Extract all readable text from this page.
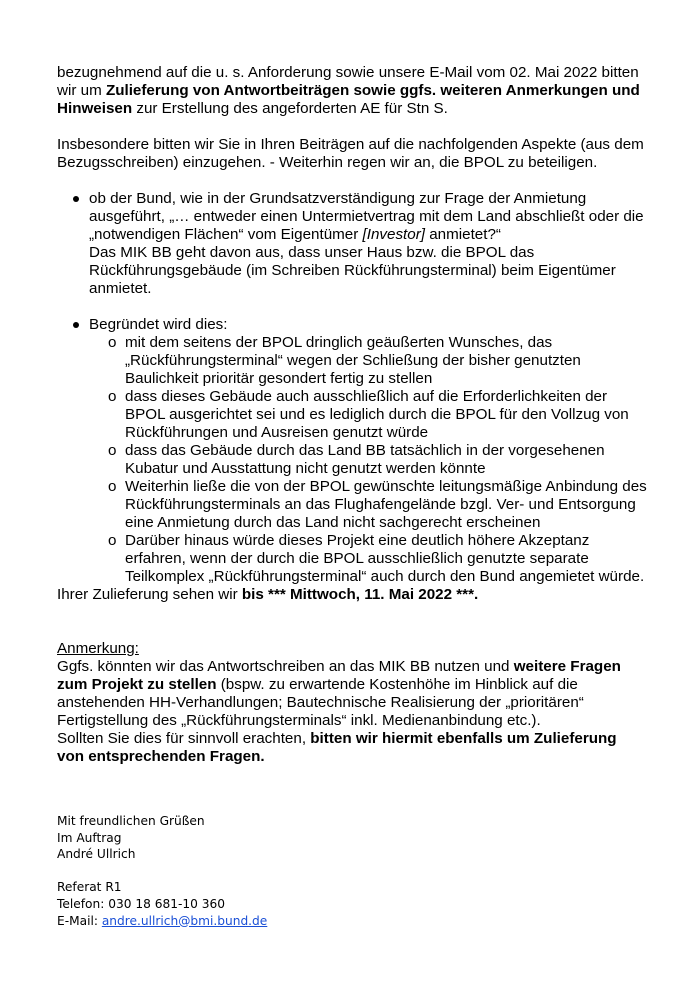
bezugnehmend auf die u. s. Anforderung sowie unsere E-Mail vom 02. Mai 2022 bitten wir um Zulieferung von Antwortbeiträgen sowie ggfs. weiteren Anmerkungen und Hinweisen zur Erstellung des angeforderten AE für Stn S.

Insbesondere bitten wir Sie in Ihren Beiträgen auf die nachfolgenden Aspekte (aus dem Bezugsschreiben) einzugehen. - Weiterhin regen wir an, die BPOL zu beteiligen.

ob der Bund, wie in der Grundsatzverständigung zur Frage der Anmietung ausgeführt, „… entweder einen Untermietvertrag mit dem Land abschließt oder die „notwendigen Flächen“ vom Eigentümer [Investor] anmietet?“
Das MIK BB geht davon aus, dass unser Haus bzw. die BPOL das Rückführungsgebäude (im Schreiben Rückführungsterminal) beim Eigentümer anmietet.
Begründet wird dies:
o mit dem seitens der BPOL dringlich geäußerten Wunsches, das „Rückführungsterminal“ wegen der Schließung der bisher genutzten Baulichkeit prioritär gesondert fertig zu stellen
o dass dieses Gebäude auch ausschließlich auf die Erforderlichkeiten der BPOL ausgerichtet sei und es lediglich durch die BPOL für den Vollzug von Rückführungen und Ausreisen genutzt würde
o dass das Gebäude durch das Land BB tatsächlich in der vorgesehenen Kubatur und Ausstattung nicht genutzt werden könnte
o Weiterhin ließe die von der BPOL gewünschte leitungsmäßige Anbindung des Rückführungsterminals an das Flughafengelände bzgl. Ver- und Entsorgung eine Anmietung durch das Land nicht sachgerecht erscheinen
o Darüber hinaus würde dieses Projekt eine deutlich höhere Akzeptanz erfahren, wenn der durch die BPOL ausschließlich genutzte separate Teilkomplex „Rückführungsterminal“ auch durch den Bund angemietet würde.

Ihrer Zulieferung sehen wir bis *** Mittwoch, 11. Mai 2022 ***.

Anmerkung:
Ggfs. könnten wir das Antwortschreiben an das MIK BB nutzen und weitere Fragen zum Projekt zu stellen (bspw. zu erwartende Kostenhöhe im Hinblick auf die anstehenden HH-Verhandlungen; Bautechnische Realisierung der „prioritären“ Fertigstellung des „Rückführungsterminals“ inkl. Medienanbindung etc.).
Sollten Sie dies für sinnvoll erachten, bitten wir hiermit ebenfalls um Zulieferung von entsprechenden Fragen.
Mit freundlichen Grüßen
Im Auftrag
André Ullrich
Referat R1
Telefon: 030 18 681-10 360
E-Mail: andre.ullrich@bmi.bund.de
